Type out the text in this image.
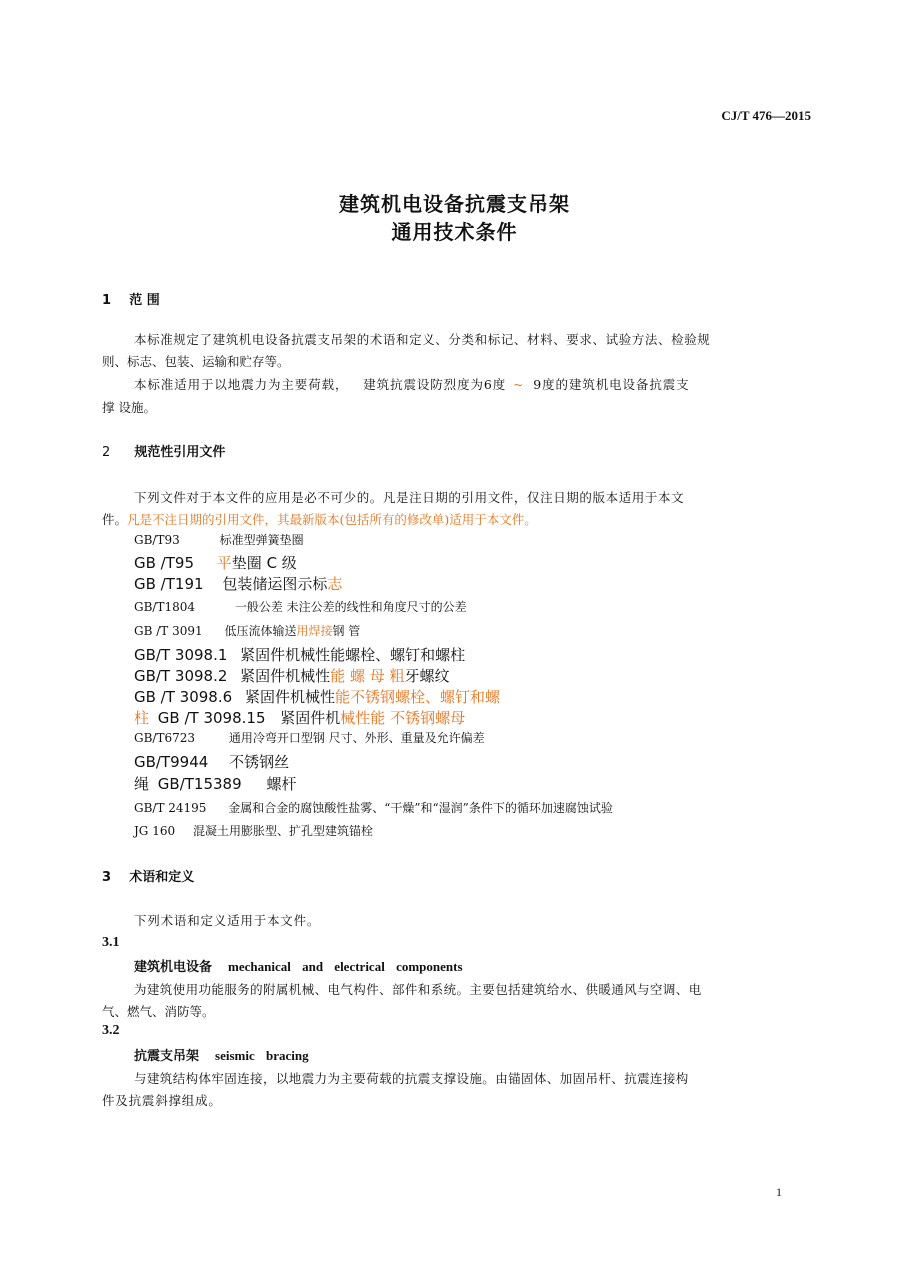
CJ/T 476—2015
建筑机电设备抗震支吊架
通用技术条件
1 范 围
本标准规定了建筑机电设备抗震支吊架的术语和定义、分类和标记、材料、要求、试验方法、检验规
则、标志、包装、运输和贮存等。
本标准适用于以地震力为主要荷载， 建筑抗震设防烈度为6度 ~ 9度的建筑机电设备抗震支
撑 设施。
2 规范性引用文件
下列文件对于本文件的应用是必不可少的。凡是注日期的引用文件，仅注日期的版本适用于本文
件。凡是不注日期的引用文件，其最新版本(包括所有的修改单)适用于本文件。
GB/T93	标准型弹簧垫圈
GB /T95 平垫圈 C 级
GB /T191 包装储运图示标志
GB/T1804	一般公差 未注公差的线性和角度尺寸的公差
GB /T 3091 低压流体输送用焊接钢 管
GB/T 3098.1 紧固件机械性能螺栓、螺钉和螺柱
GB/T 3098.2 紧固件机械性能 螺 母 粗牙螺纹
GB /T 3098.6 紧固件机械性能不锈钢螺栓、螺钉和螺
柱 GB /T 3098.15 紧固件机械性能 不锈钢螺母
GB/T6723	通用冷弯开口型钢 尺寸、外形、重量及允许偏差
GB/T9944 不锈钢丝
绳 GB/T15389 螺杆
GB/T 24195 金属和合金的腐蚀酸性盐雾、“干燥”和“湿润”条件下的循环加速腐蚀试验
JG 160 混凝土用膨胀型、扩孔型建筑锚栓
3 术语和定义
下列术语和定义适用于本文件。
3.1
建筑机电设备 mechanical and electrical components
为建筑使用功能服务的附属机械、电气构件、部件和系统。主要包括建筑给水、供暖通风与空调、电
气、燃气、消防等。
3.2
抗震支吊架 seismic bracing
与建筑结构体牢固连接，以地震力为主要荷载的抗震支撑设施。由锚固体、加固吊杆、抗震连接构
件及抗震斜撑组成。
1
